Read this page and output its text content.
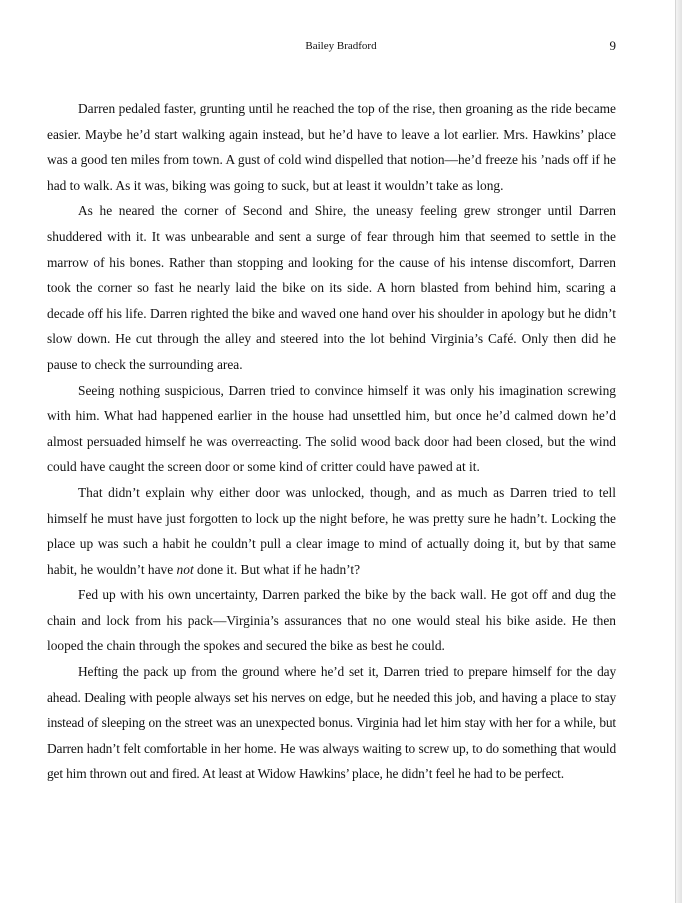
Bailey Bradford	9

Darren pedaled faster, grunting until he reached the top of the rise, then groaning as the ride became easier. Maybe he’d start walking again instead, but he’d have to leave a lot earlier. Mrs. Hawkins’ place was a good ten miles from town. A gust of cold wind dispelled that notion—he’d freeze his ’nads off if he had to walk. As it was, biking was going to suck, but at least it wouldn’t take as long.

As he neared the corner of Second and Shire, the uneasy feeling grew stronger until Darren shuddered with it. It was unbearable and sent a surge of fear through him that seemed to settle in the marrow of his bones. Rather than stopping and looking for the cause of his intense discomfort, Darren took the corner so fast he nearly laid the bike on its side. A horn blasted from behind him, scaring a decade off his life. Darren righted the bike and waved one hand over his shoulder in apology but he didn’t slow down. He cut through the alley and steered into the lot behind Virginia’s Café. Only then did he pause to check the surrounding area.

Seeing nothing suspicious, Darren tried to convince himself it was only his imagination screwing with him. What had happened earlier in the house had unsettled him, but once he’d calmed down he’d almost persuaded himself he was overreacting. The solid wood back door had been closed, but the wind could have caught the screen door or some kind of critter could have pawed at it.

That didn’t explain why either door was unlocked, though, and as much as Darren tried to tell himself he must have just forgotten to lock up the night before, he was pretty sure he hadn’t. Locking the place up was such a habit he couldn’t pull a clear image to mind of actually doing it, but by that same habit, he wouldn’t have not done it. But what if he hadn’t?

Fed up with his own uncertainty, Darren parked the bike by the back wall. He got off and dug the chain and lock from his pack—Virginia’s assurances that no one would steal his bike aside. He then looped the chain through the spokes and secured the bike as best he could.

Hefting the pack up from the ground where he’d set it, Darren tried to prepare himself for the day ahead. Dealing with people always set his nerves on edge, but he needed this job, and having a place to stay instead of sleeping on the street was an unexpected bonus. Virginia had let him stay with her for a while, but Darren hadn’t felt comfortable in her home. He was always waiting to screw up, to do something that would get him thrown out and fired. At least at Widow Hawkins’ place, he didn’t feel he had to be perfect.
